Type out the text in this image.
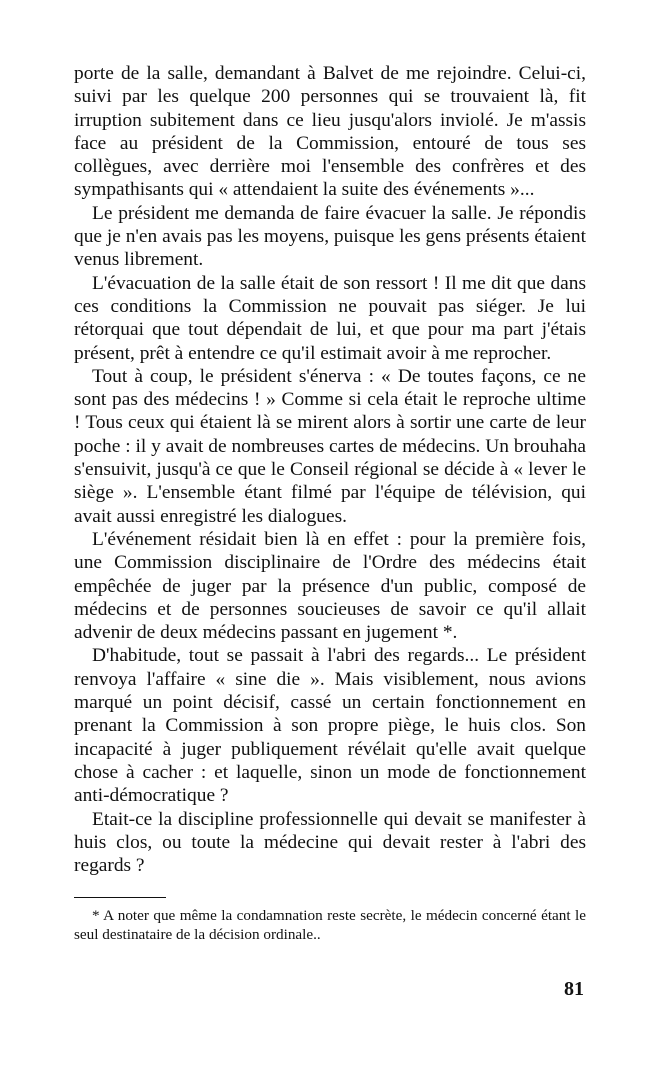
porte de la salle, demandant à Balvet de me rejoindre. Celui-ci, suivi par les quelque 200 personnes qui se trouvaient là, fit irruption subitement dans ce lieu jusqu'alors inviolé. Je m'assis face au président de la Commission, entouré de tous ses collègues, avec derrière moi l'ensemble des confrères et des sympathisants qui « attendaient la suite des événements »...

Le président me demanda de faire évacuer la salle. Je répondis que je n'en avais pas les moyens, puisque les gens présents étaient venus librement.

L'évacuation de la salle était de son ressort ! Il me dit que dans ces conditions la Commission ne pouvait pas siéger. Je lui rétorquai que tout dépendait de lui, et que pour ma part j'étais présent, prêt à entendre ce qu'il estimait avoir à me reprocher.

Tout à coup, le président s'énerva : « De toutes façons, ce ne sont pas des médecins ! » Comme si cela était le reproche ultime ! Tous ceux qui étaient là se mirent alors à sortir une carte de leur poche : il y avait de nombreuses cartes de médecins. Un brouhaha s'ensuivit, jusqu'à ce que le Conseil régional se décide à « lever le siège ». L'ensemble étant filmé par l'équipe de télévision, qui avait aussi enregistré les dialogues.

L'événement résidait bien là en effet : pour la première fois, une Commission disciplinaire de l'Ordre des médecins était empêchée de juger par la présence d'un public, composé de médecins et de personnes soucieuses de savoir ce qu'il allait advenir de deux médecins passant en jugement *.

D'habitude, tout se passait à l'abri des regards... Le président renvoya l'affaire « sine die ». Mais visiblement, nous avions marqué un point décisif, cassé un certain fonctionnement en prenant la Commission à son propre piège, le huis clos. Son incapacité à juger publiquement révélait qu'elle avait quelque chose à cacher : et laquelle, sinon un mode de fonctionnement anti-démocratique ?

Etait-ce la discipline professionnelle qui devait se manifester à huis clos, ou toute la médecine qui devait rester à l'abri des regards ?

* A noter que même la condamnation reste secrète, le médecin concerné étant le seul destinataire de la décision ordinale..

81
